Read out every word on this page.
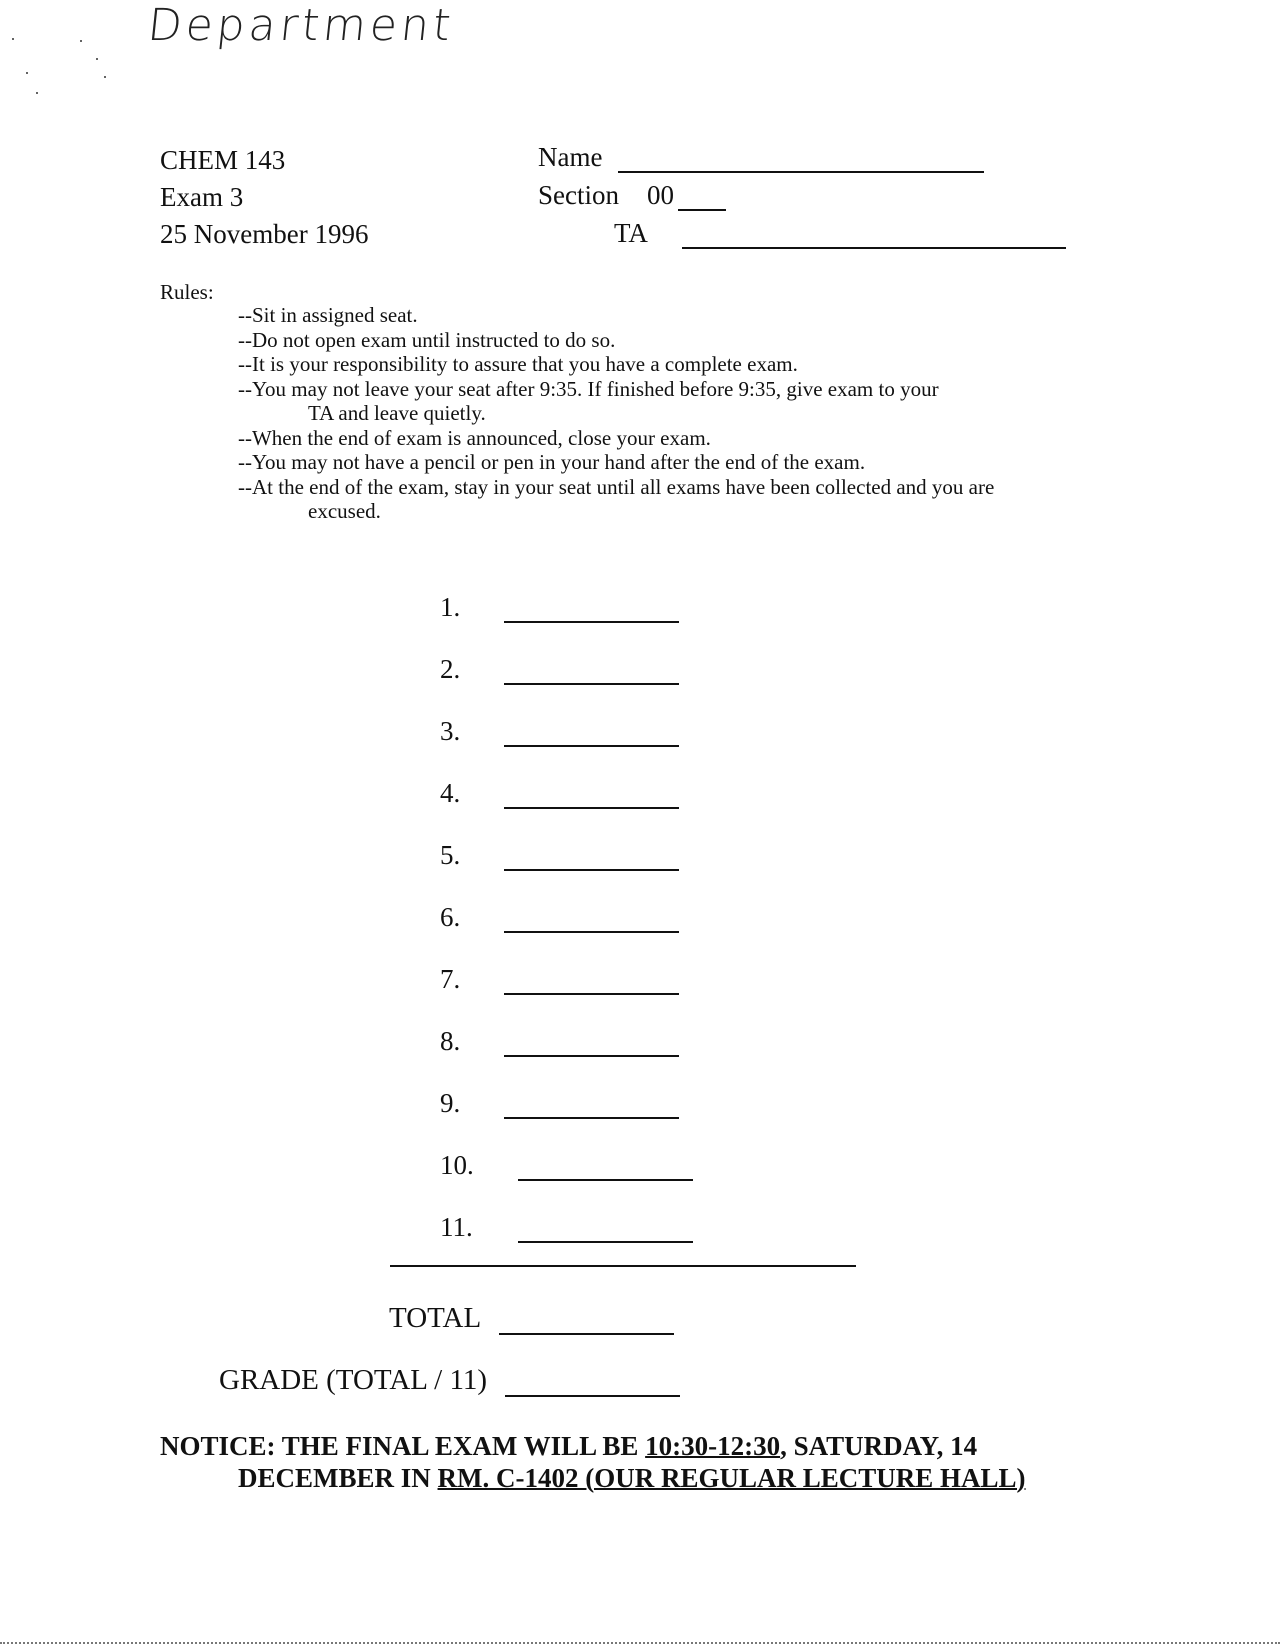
Department
CHEM 143
Exam 3
25 November 1996
Name
Section 00
TA
Rules:
--Sit in assigned seat.
--Do not open exam until instructed to do so.
--It is your responsibility to assure that you have a complete exam.
--You may not leave your seat after 9:35. If finished before 9:35, give exam to your
TA and leave quietly.
--When the end of exam is announced, close your exam.
--You may not have a pencil or pen in your hand after the end of the exam.
--At the end of the exam, stay in your seat until all exams have been collected and you are
excused.
1.
2.
3.
4.
5.
6.
7.
8.
9.
10.
11.
TOTAL
GRADE (TOTAL / 11)
NOTICE: THE FINAL EXAM WILL BE 10:30-12:30, SATURDAY, 14
DECEMBER IN RM. C-1402 (OUR REGULAR LECTURE HALL)
